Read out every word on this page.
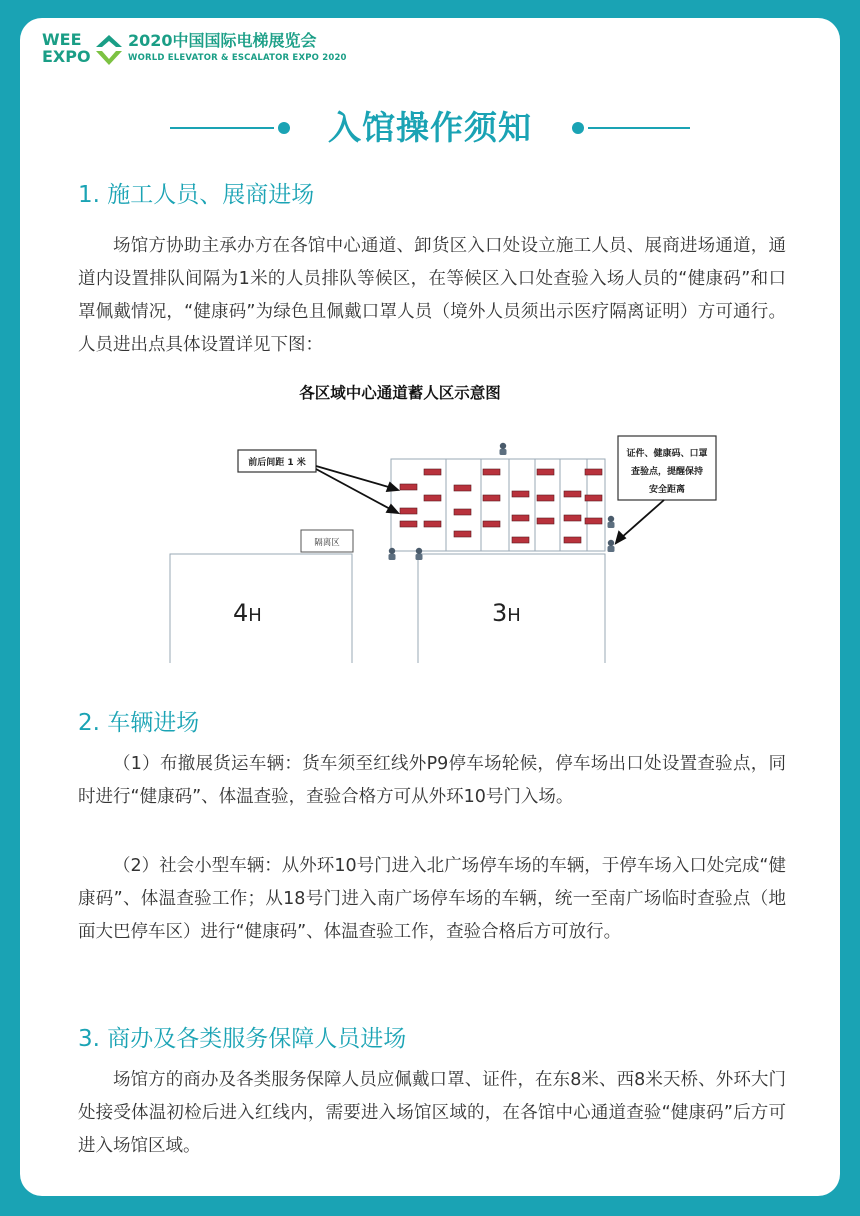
WEE
EXPO
2020中国国际电梯展览会
WORLD ELEVATOR & ESCALATOR EXPO 2020
入馆操作须知
1. 施工人员、展商进场
场馆方协助主承办方在各馆中心通道、卸货区入口处设立施工人员、展商进场通道，通道内设置排队间隔为1米的人员排队等候区，在等候区入口处查验入场人员的“健康码”和口罩佩戴情况，“健康码”为绿色且佩戴口罩人员（境外人员须出示医疗隔离证明）方可通行。人员进出点具体设置详见下图：
各区域中心通道蓄人区示意图
隔离区
4H	3H
前后间距 1 米
证件、健康码、口罩
查验点，提醒保持
安全距离
2. 车辆进场
（1）布撤展货运车辆：货车须至红线外P9停车场轮候，停车场出口处设置查验点，同时进行“健康码”、体温查验，查验合格方可从外环10号门入场。
（2）社会小型车辆：从外环10号门进入北广场停车场的车辆，于停车场入口处完成“健康码”、体温查验工作；从18号门进入南广场停车场的车辆，统一至南广场临时查验点（地面大巴停车区）进行“健康码”、体温查验工作，查验合格后方可放行。
3. 商办及各类服务保障人员进场
场馆方的商办及各类服务保障人员应佩戴口罩、证件，在东8米、西8米天桥、外环大门处接受体温初检后进入红线内，需要进入场馆区域的，在各馆中心通道查验“健康码”后方可进入场馆区域。
